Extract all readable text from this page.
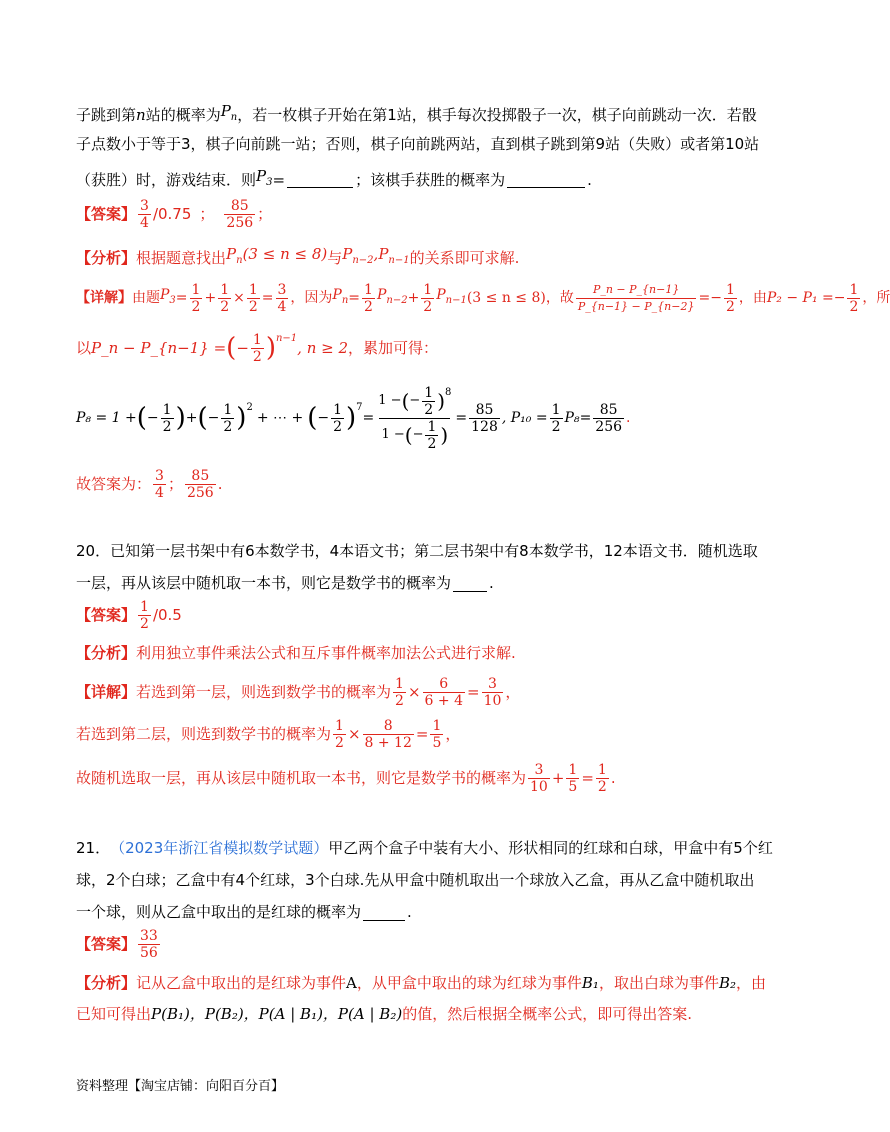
子跳到第 n 站的概率为 $P_n$ ，若一枚棋子开始在第1站，棋手每次投掷骰子一次，棋子向前跳动一次．若骰
子点数小于等于3，棋子向前跳一站；否则，棋子向前跳两站，直到棋子跳到第9站（失败）或者第10站
（获胜）时，游戏结束．则 $P_3$ =	；该棋手获胜的概率为	.
【答案】 $\frac{3}{4} /0.75$ ； $\frac{85}{256}$ ；
【分析】 根据题意找出 $P_n(3 \le n \le 8)$ 与 $P_{n-2},P_{n-1}$ 的关系即可求解.
【详解】 由题 $P_3 = \frac{1}{2} + \frac{1}{2} \times \frac{1}{2} = \frac{3}{4}$ ，因为 $P_n = \frac{1}{2} P_{n-2} + \frac{1}{2} P_{n-1}$ (3 ≤ n ≤ 8) ，故 $\frac{P\_n - P\_\{n-1\}}{P\_\{n-1\} - P\_\{n-2\}}$ = − $\frac{1}{2}$ ，由 P₂ − P₁ = − $\frac{1}{2}$ ，所
以 P_n − P_{n−1} = ( − $\frac{1}{2} )^{n-1}$
, n ≥ 2 ，累加可得：
P₈ = 1 + ( − $\frac{1}{2}$ ) + ( − $\frac{1}{2} )^2$
+ ⋯ + ( − $\frac{1}{2} )^7$
= $\frac{1 - ( - \frac{1}{2} )^8}{1 - ( - \frac{1}{2} )} = \frac{85}{128}$ , $P_{10} = \frac{1}{2} P_8 = \frac{85}{256}$ .
故答案为： $\frac{3}{4}$ ； $\frac{85}{256}$ .
20．已知第一层书架中有6本数学书，4本语文书；第二层书架中有8本数学书，12本语文书．随机选取
一层，再从该层中随机取一本书，则它是数学书的概率为	.
【答案】 $\frac{1}{2} /0.5$
【分析】 利用独立事件乘法公式和互斥事件概率加法公式进行求解.
【详解】 若选到第一层，则选到数学书的概率为 $\frac{1}{2} \times \frac{6}{6 + 4} = \frac{3}{10}$ ，
若选到第二层，则选到数学书的概率为 $\frac{1}{2} \times \frac{8}{8 + 12} = \frac{1}{5}$ ，
故随机选取一层，再从该层中随机取一本书，则它是数学书的概率为 $\frac{3}{10} + \frac{1}{5} = \frac{1}{2}$ .
21． （2023年浙江省模拟数学试题） 甲乙两个盒子中装有大小、形状相同的红球和白球，甲盒中有5个红
球，2个白球；乙盒中有4个红球，3个白球.先从甲盒中随机取出一个球放入乙盒，再从乙盒中随机取出
一个球，则从乙盒中取出的是红球的概率为	.
【答案】 $\frac{33}{56}$
【分析】 记从乙盒中取出的是红球为事件 A ，从甲盒中取出的球为红球为事件 B₁ ，取出白球为事件 B₂ ，由
已知可得出 P(B₁)，P(B₂)，P(A | B₁)，P(A | B₂) 的值，然后根据全概率公式，即可得出答案.
资料整理【淘宝店铺：向阳百分百】
